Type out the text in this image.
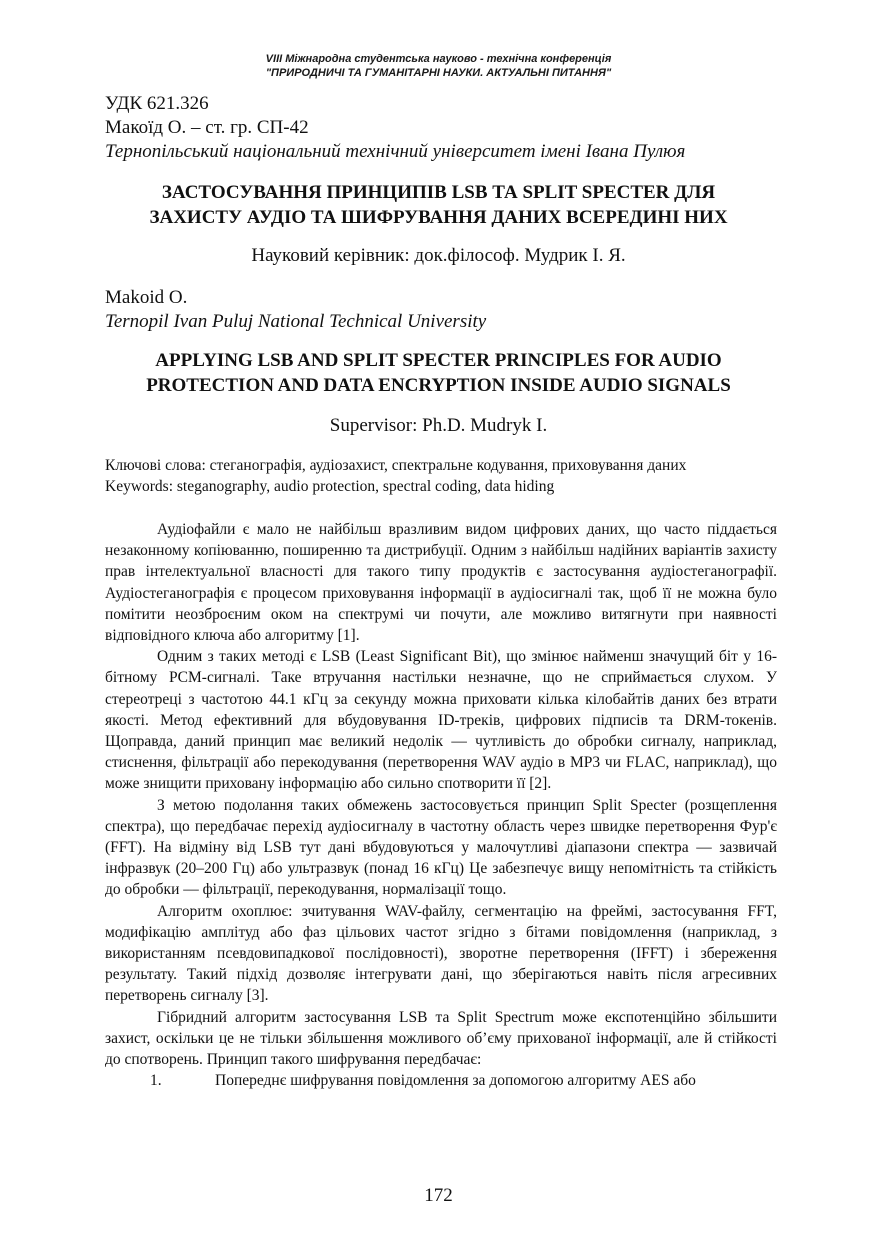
VIII Міжнародна студентська науково - технічна конференція
"ПРИРОДНИЧІ ТА ГУМАНІТАРНІ НАУКИ. АКТУАЛЬНІ ПИТАННЯ"
УДК 621.326
Макоїд О. – ст. гр. СП-42
Тернопільський національний технічний університет імені Івана Пулюя
ЗАСТОСУВАННЯ ПРИНЦИПІВ LSB ТА SPLIT SPECTER ДЛЯ
ЗАХИСТУ АУДІО ТА ШИФРУВАННЯ ДАНИХ ВСЕРЕДИНІ НИХ
Науковий керівник: док.філософ. Мудрик І. Я.
Makoid O.
Ternopil Ivan Puluj National Technical University
APPLYING LSB AND SPLIT SPECTER PRINCIPLES FOR AUDIO
PROTECTION AND DATA ENCRYPTION INSIDE AUDIO SIGNALS
Supervisor: Ph.D. Mudryk I.
Ключові слова: стеганографія, аудіозахист, спектральне кодування, приховування даних
Keywords: steganography, audio protection, spectral coding, data hiding

Аудіофайли є мало не найбільш вразливим видом цифрових даних, що часто піддається незаконному копіюванню, поширенню та дистрибуції. Одним з найбільш надійних варіантів захисту прав інтелектуальної власності для такого типу продуктів є застосування аудіостеганографії. Аудіостеганографія є процесом приховування інформації в аудіосигналі так, щоб її не можна було помітити неозброєним оком на спектрумі чи почути, але можливо витягнути при наявності відповідного ключа або алгоритму [1].

Одним з таких методі є LSB (Least Significant Bit), що змінює найменш значущий біт у 16-бітному PCM-сигналі. Таке втручання настільки незначне, що не сприймається слухом. У стереотреці з частотою 44.1 кГц за секунду можна приховати кілька кілобайтів даних без втрати якості. Метод ефективний для вбудовування ID-треків, цифрових підписів та DRM-токенів. Щоправда, даний принцип має великий недолік — чутливість до обробки сигналу, наприклад, стиснення, фільтрації або перекодування (перетворення WAV аудіо в MP3 чи FLAC, наприклад), що може знищити приховану інформацію або сильно спотворити її [2].

З метою подолання таких обмежень застосовується принцип Split Specter (розщеплення спектра), що передбачає перехід аудіосигналу в частотну область через швидке перетворення Фур'є (FFT). На відміну від LSB тут дані вбудовуються у малочутливі діапазони спектра — зазвичай інфразвук (20–200 Гц) або ультразвук (понад 16 кГц) Це забезпечує вищу непомітність та стійкість до обробки — фільтрації, перекодування, нормалізації тощо.

Алгоритм охоплює: зчитування WAV-файлу, сегментацію на фреймі, застосування FFT, модифікацію амплітуд або фаз цільових частот згідно з бітами повідомлення (наприклад, з використанням псевдовипадкової послідовності), зворотне перетворення (IFFT) і збереження результату. Такий підхід дозволяє інтегрувати дані, що зберігаються навіть після агресивних перетворень сигналу [3].

Гібридний алгоритм застосування LSB та Split Spectrum може експотенційно збільшити захист, оскільки це не тільки збільшення можливого об’єму прихованої інформації, але й стійкості до спотворень. Принцип такого шифрування передбачає:

1.	Попереднє шифрування повідомлення за допомогою алгоритму AES або
172
